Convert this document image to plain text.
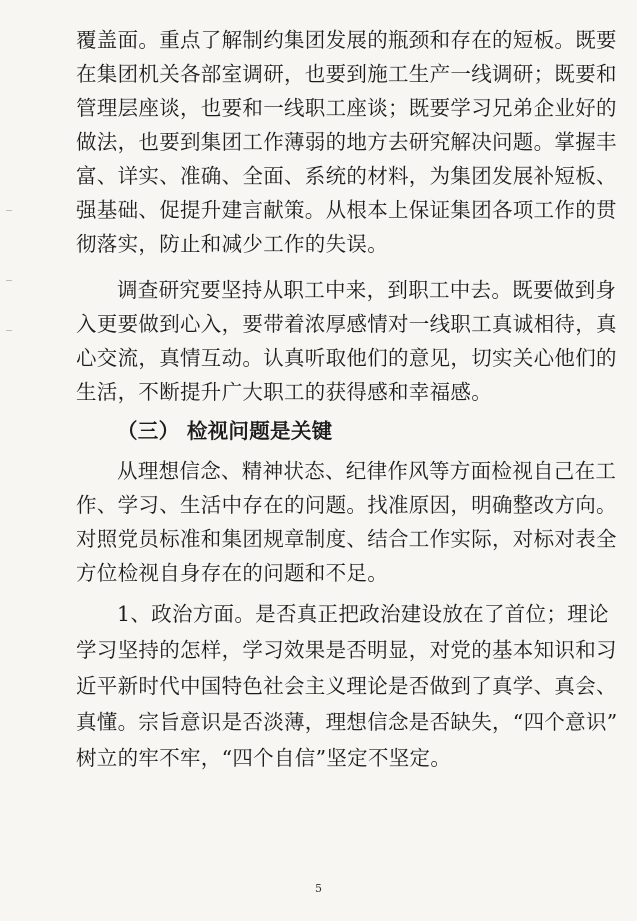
覆盖面。重点了解制约集团发展的瓶颈和存在的短板。既要
在集团机关各部室调研，也要到施工生产一线调研；既要和
管理层座谈，也要和一线职工座谈；既要学习兄弟企业好的
做法，也要到集团工作薄弱的地方去研究解决问题。掌握丰
富、详实、准确、全面、系统的材料，为集团发展补短板、
强基础、促提升建言献策。从根本上保证集团各项工作的贯
彻落实，防止和减少工作的失误。
调查研究要坚持从职工中来，到职工中去。既要做到身
入更要做到心入，要带着浓厚感情对一线职工真诚相待，真
心交流，真情互动。认真听取他们的意见，切实关心他们的
生活，不断提升广大职工的获得感和幸福感。
（三） 检视问题是关键
从理想信念、精神状态、纪律作风等方面检视自己在工
作、学习、生活中存在的问题。找准原因，明确整改方向。
对照党员标准和集团规章制度、结合工作实际，对标对表全
方位检视自身存在的问题和不足。
1、政治方面。是否真正把政治建设放在了首位；理论
学习坚持的怎样，学习效果是否明显，对党的基本知识和习
近平新时代中国特色社会主义理论是否做到了真学、真会、
真懂。宗旨意识是否淡薄，理想信念是否缺失，“四个意识”
树立的牢不牢，“四个自信”坚定不坚定。
5
